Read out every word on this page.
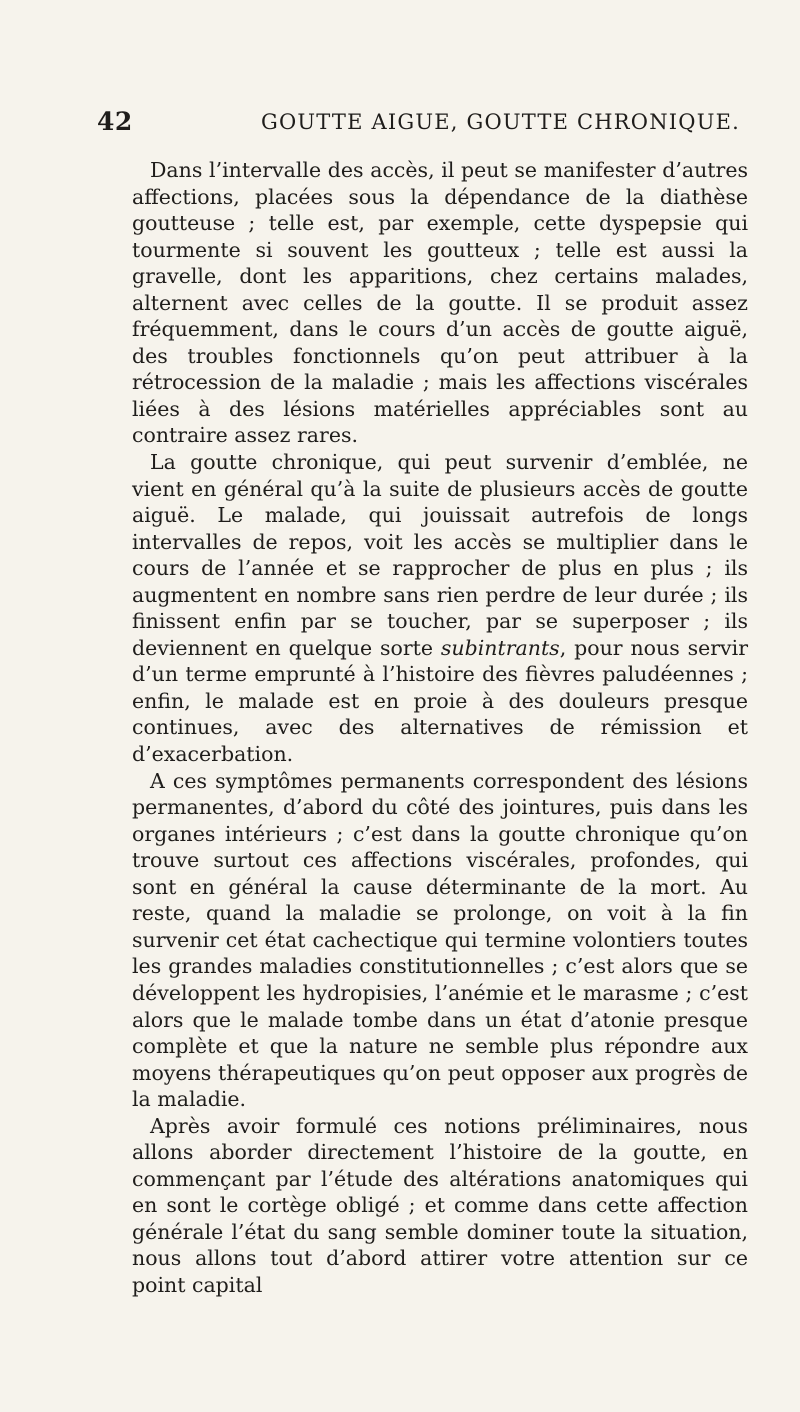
42	GOUTTE AIGUE, GOUTTE CHRONIQUE.

Dans l’intervalle des accès, il peut se manifester d’autres affections, placées sous la dépendance de la diathèse goutteuse ; telle est, par exemple, cette dyspepsie qui tourmente si souvent les goutteux ; telle est aussi la gravelle, dont les apparitions, chez certains malades, alternent avec celles de la goutte. Il se produit assez fréquemment, dans le cours d’un accès de goutte aiguë, des troubles fonctionnels qu’on peut attribuer à la rétrocession de la maladie ; mais les affections viscérales liées à des lésions matérielles appréciables sont au contraire assez rares.

La goutte chronique, qui peut survenir d’emblée, ne vient en général qu’à la suite de plusieurs accès de goutte aiguë. Le malade, qui jouissait autrefois de longs intervalles de repos, voit les accès se multiplier dans le cours de l’année et se rapprocher de plus en plus ; ils augmentent en nombre sans rien perdre de leur durée ; ils finissent enfin par se toucher, par se superposer ; ils deviennent en quelque sorte subintrants, pour nous servir d’un terme emprunté à l’histoire des fièvres paludéennes ; enfin, le malade est en proie à des douleurs presque continues, avec des alternatives de rémission et d’exacerbation.

A ces symptômes permanents correspondent des lésions permanentes, d’abord du côté des jointures, puis dans les organes intérieurs ; c’est dans la goutte chronique qu’on trouve surtout ces affections viscérales, profondes, qui sont en général la cause déterminante de la mort. Au reste, quand la maladie se prolonge, on voit à la fin survenir cet état cachectique qui termine volontiers toutes les grandes maladies constitutionnelles ; c’est alors que se développent les hydropisies, l’anémie et le marasme ; c’est alors que le malade tombe dans un état d’atonie presque complète et que la nature ne semble plus répondre aux moyens thérapeutiques qu’on peut opposer aux progrès de la maladie.

Après avoir formulé ces notions préliminaires, nous allons aborder directement l’histoire de la goutte, en commençant par l’étude des altérations anatomiques qui en sont le cortège obligé ; et comme dans cette affection générale l’état du sang semble dominer toute la situation, nous allons tout d’abord attirer votre attention sur ce point capital
